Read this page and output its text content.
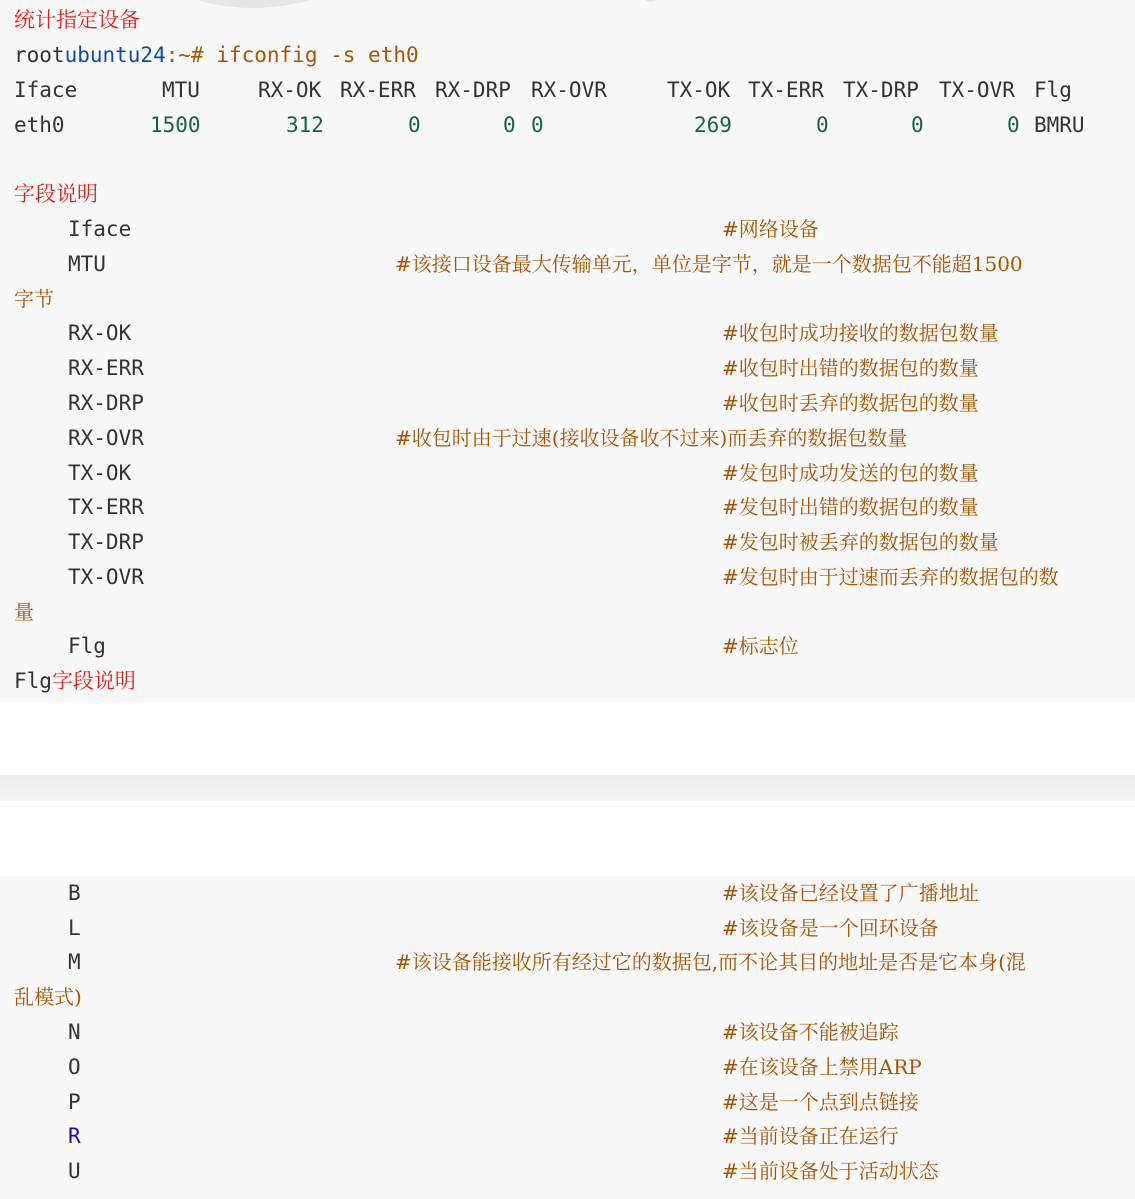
统计指定设备
rootubuntu24:~# ifconfig -s eth0
Iface	MTU	RX-OK RX-ERR RX-DRP RX-OVR	TX-OK TX-ERR TX-DRP TX-OVR Flg
eth0	1500	312	0	0 0	269	0	0	0 BMRU
字段说明
Iface	#网络设备
MTU	#该接口设备最大传输单元，单位是字节，就是一个数据包不能超1500
字节
RX-OK	#收包时成功接收的数据包数量
RX-ERR	#收包时出错的数据包的数量
RX-DRP	#收包时丢弃的数据包的数量
RX-OVR	#收包时由于过速(接收设备收不过来)而丢弃的数据包数量
TX-OK	#发包时成功发送的包的数量
TX-ERR	#发包时出错的数据包的数量
TX-DRP	#发包时被丢弃的数据包的数量
TX-OVR	#发包时由于过速而丢弃的数据包的数
量
Flg	#标志位
Flg字段说明
B	#该设备已经设置了广播地址
L	#该设备是一个回环设备
M	#该设备能接收所有经过它的数据包,而不论其目的地址是否是它本身(混
乱模式)
N	#该设备不能被追踪
O	#在该设备上禁用ARP
P	#这是一个点到点链接
R	#当前设备正在运行
U	#当前设备处于活动状态
